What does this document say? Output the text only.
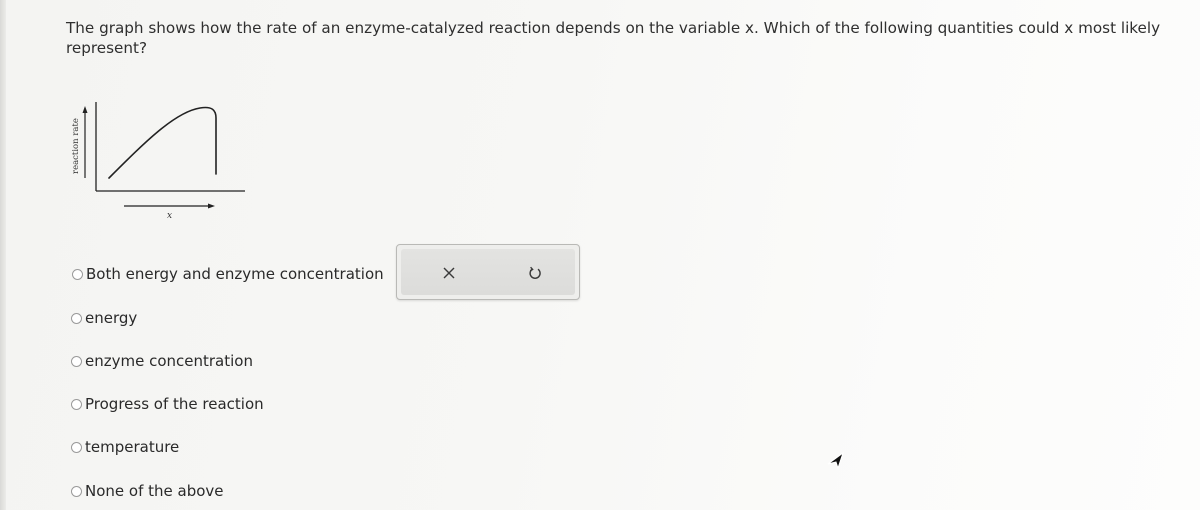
The graph shows how the rate of an enzyme-catalyzed reaction depends on the variable x. Which of the following quantities could x most likely represent?
reaction rate
x
Both energy and enzyme concentration
energy
enzyme concentration
Progress of the reaction
temperature
None of the above
